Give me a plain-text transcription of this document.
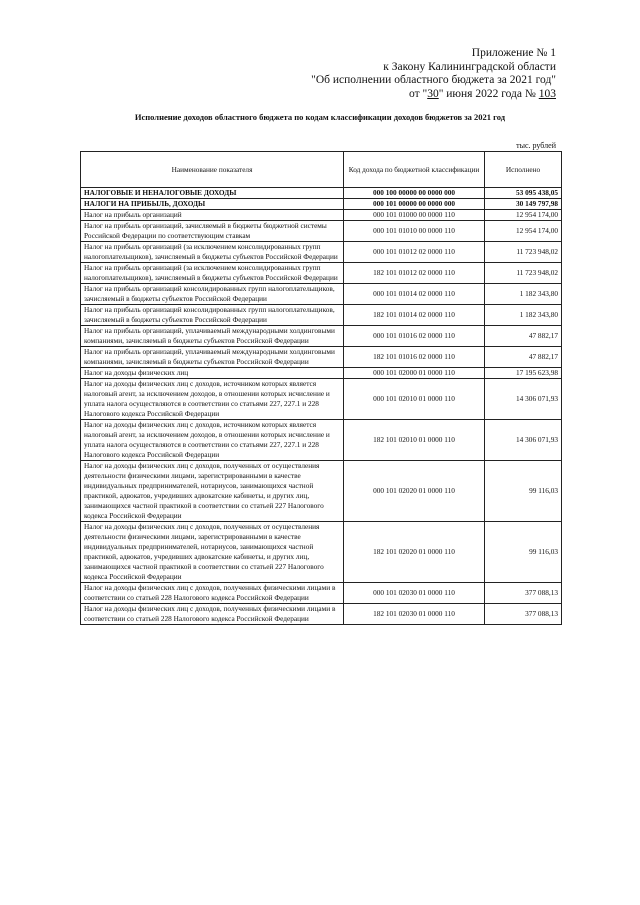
Приложение № 1
к Закону Калининградской области
"Об исполнении областного бюджета за 2021 год"
от "30" июня 2022 года № 103
Исполнение доходов областного бюджета по кодам классификации доходов бюджетов за 2021 год
тыс. рублей
Наименование показателя	Код дохода по бюджетной классификации	Исполнено
НАЛОГОВЫЕ И НЕНАЛОГОВЫЕ ДОХОДЫ	000 100 00000 00 0000 000	53 095 438,05
НАЛОГИ НА ПРИБЫЛЬ, ДОХОДЫ	000 101 00000 00 0000 000	30 149 797,98
Налог на прибыль организаций	000 101 01000 00 0000 110	12 954 174,00
Налог на прибыль организаций, зачисляемый в бюджеты бюджетной системы Российской Федерации по соответствующим ставкам	000 101 01010 00 0000 110	12 954 174,00
Налог на прибыль организаций (за исключением консолидированных групп налогоплательщиков), зачисляемый в бюджеты субъектов Российской Федерации	000 101 01012 02 0000 110	11 723 948,02
Налог на прибыль организаций (за исключением консолидированных групп налогоплательщиков), зачисляемый в бюджеты субъектов Российской Федерации	182 101 01012 02 0000 110	11 723 948,02
Налог на прибыль организаций консолидированных групп налогоплательщиков, зачисляемый в бюджеты субъектов Российской Федерации	000 101 01014 02 0000 110	1 182 343,80
Налог на прибыль организаций консолидированных групп налогоплательщиков, зачисляемый в бюджеты субъектов Российской Федерации	182 101 01014 02 0000 110	1 182 343,80
Налог на прибыль организаций, уплачиваемый международными холдинговыми компаниями, зачисляемый в бюджеты субъектов Российской Федерации	000 101 01016 02 0000 110	47 882,17
Налог на прибыль организаций, уплачиваемый международными холдинговыми компаниями, зачисляемый в бюджеты субъектов Российской Федерации	182 101 01016 02 0000 110	47 882,17
Налог на доходы физических лиц	000 101 02000 01 0000 110	17 195 623,98
Налог на доходы физических лиц с доходов, источником которых является налоговый агент, за исключением доходов, в отношении которых исчисление и уплата налога осуществляются в соответствии со статьями 227, 227.1 и 228 Налогового кодекса Российской Федерации	000 101 02010 01 0000 110	14 306 071,93
Налог на доходы физических лиц с доходов, источником которых является налоговый агент, за исключением доходов, в отношении которых исчисление и уплата налога осуществляются в соответствии со статьями 227, 227.1 и 228 Налогового кодекса Российской Федерации	182 101 02010 01 0000 110	14 306 071,93
Налог на доходы физических лиц с доходов, полученных от осуществления деятельности физическими лицами, зарегистрированными в качестве индивидуальных предпринимателей, нотариусов, занимающихся частной практикой, адвокатов, учредивших адвокатские кабинеты, и других лиц, занимающихся частной практикой в соответствии со статьей 227 Налогового кодекса Российской Федерации	000 101 02020 01 0000 110	99 116,03
Налог на доходы физических лиц с доходов, полученных от осуществления деятельности физическими лицами, зарегистрированными в качестве индивидуальных предпринимателей, нотариусов, занимающихся частной практикой, адвокатов, учредивших адвокатские кабинеты, и других лиц, занимающихся частной практикой в соответствии со статьей 227 Налогового кодекса Российской Федерации	182 101 02020 01 0000 110	99 116,03
Налог на доходы физических лиц с доходов, полученных физическими лицами в соответствии со статьей 228 Налогового кодекса Российской Федерации	000 101 02030 01 0000 110	377 088,13
Налог на доходы физических лиц с доходов, полученных физическими лицами в соответствии со статьей 228 Налогового кодекса Российской Федерации	182 101 02030 01 0000 110	377 088,13
